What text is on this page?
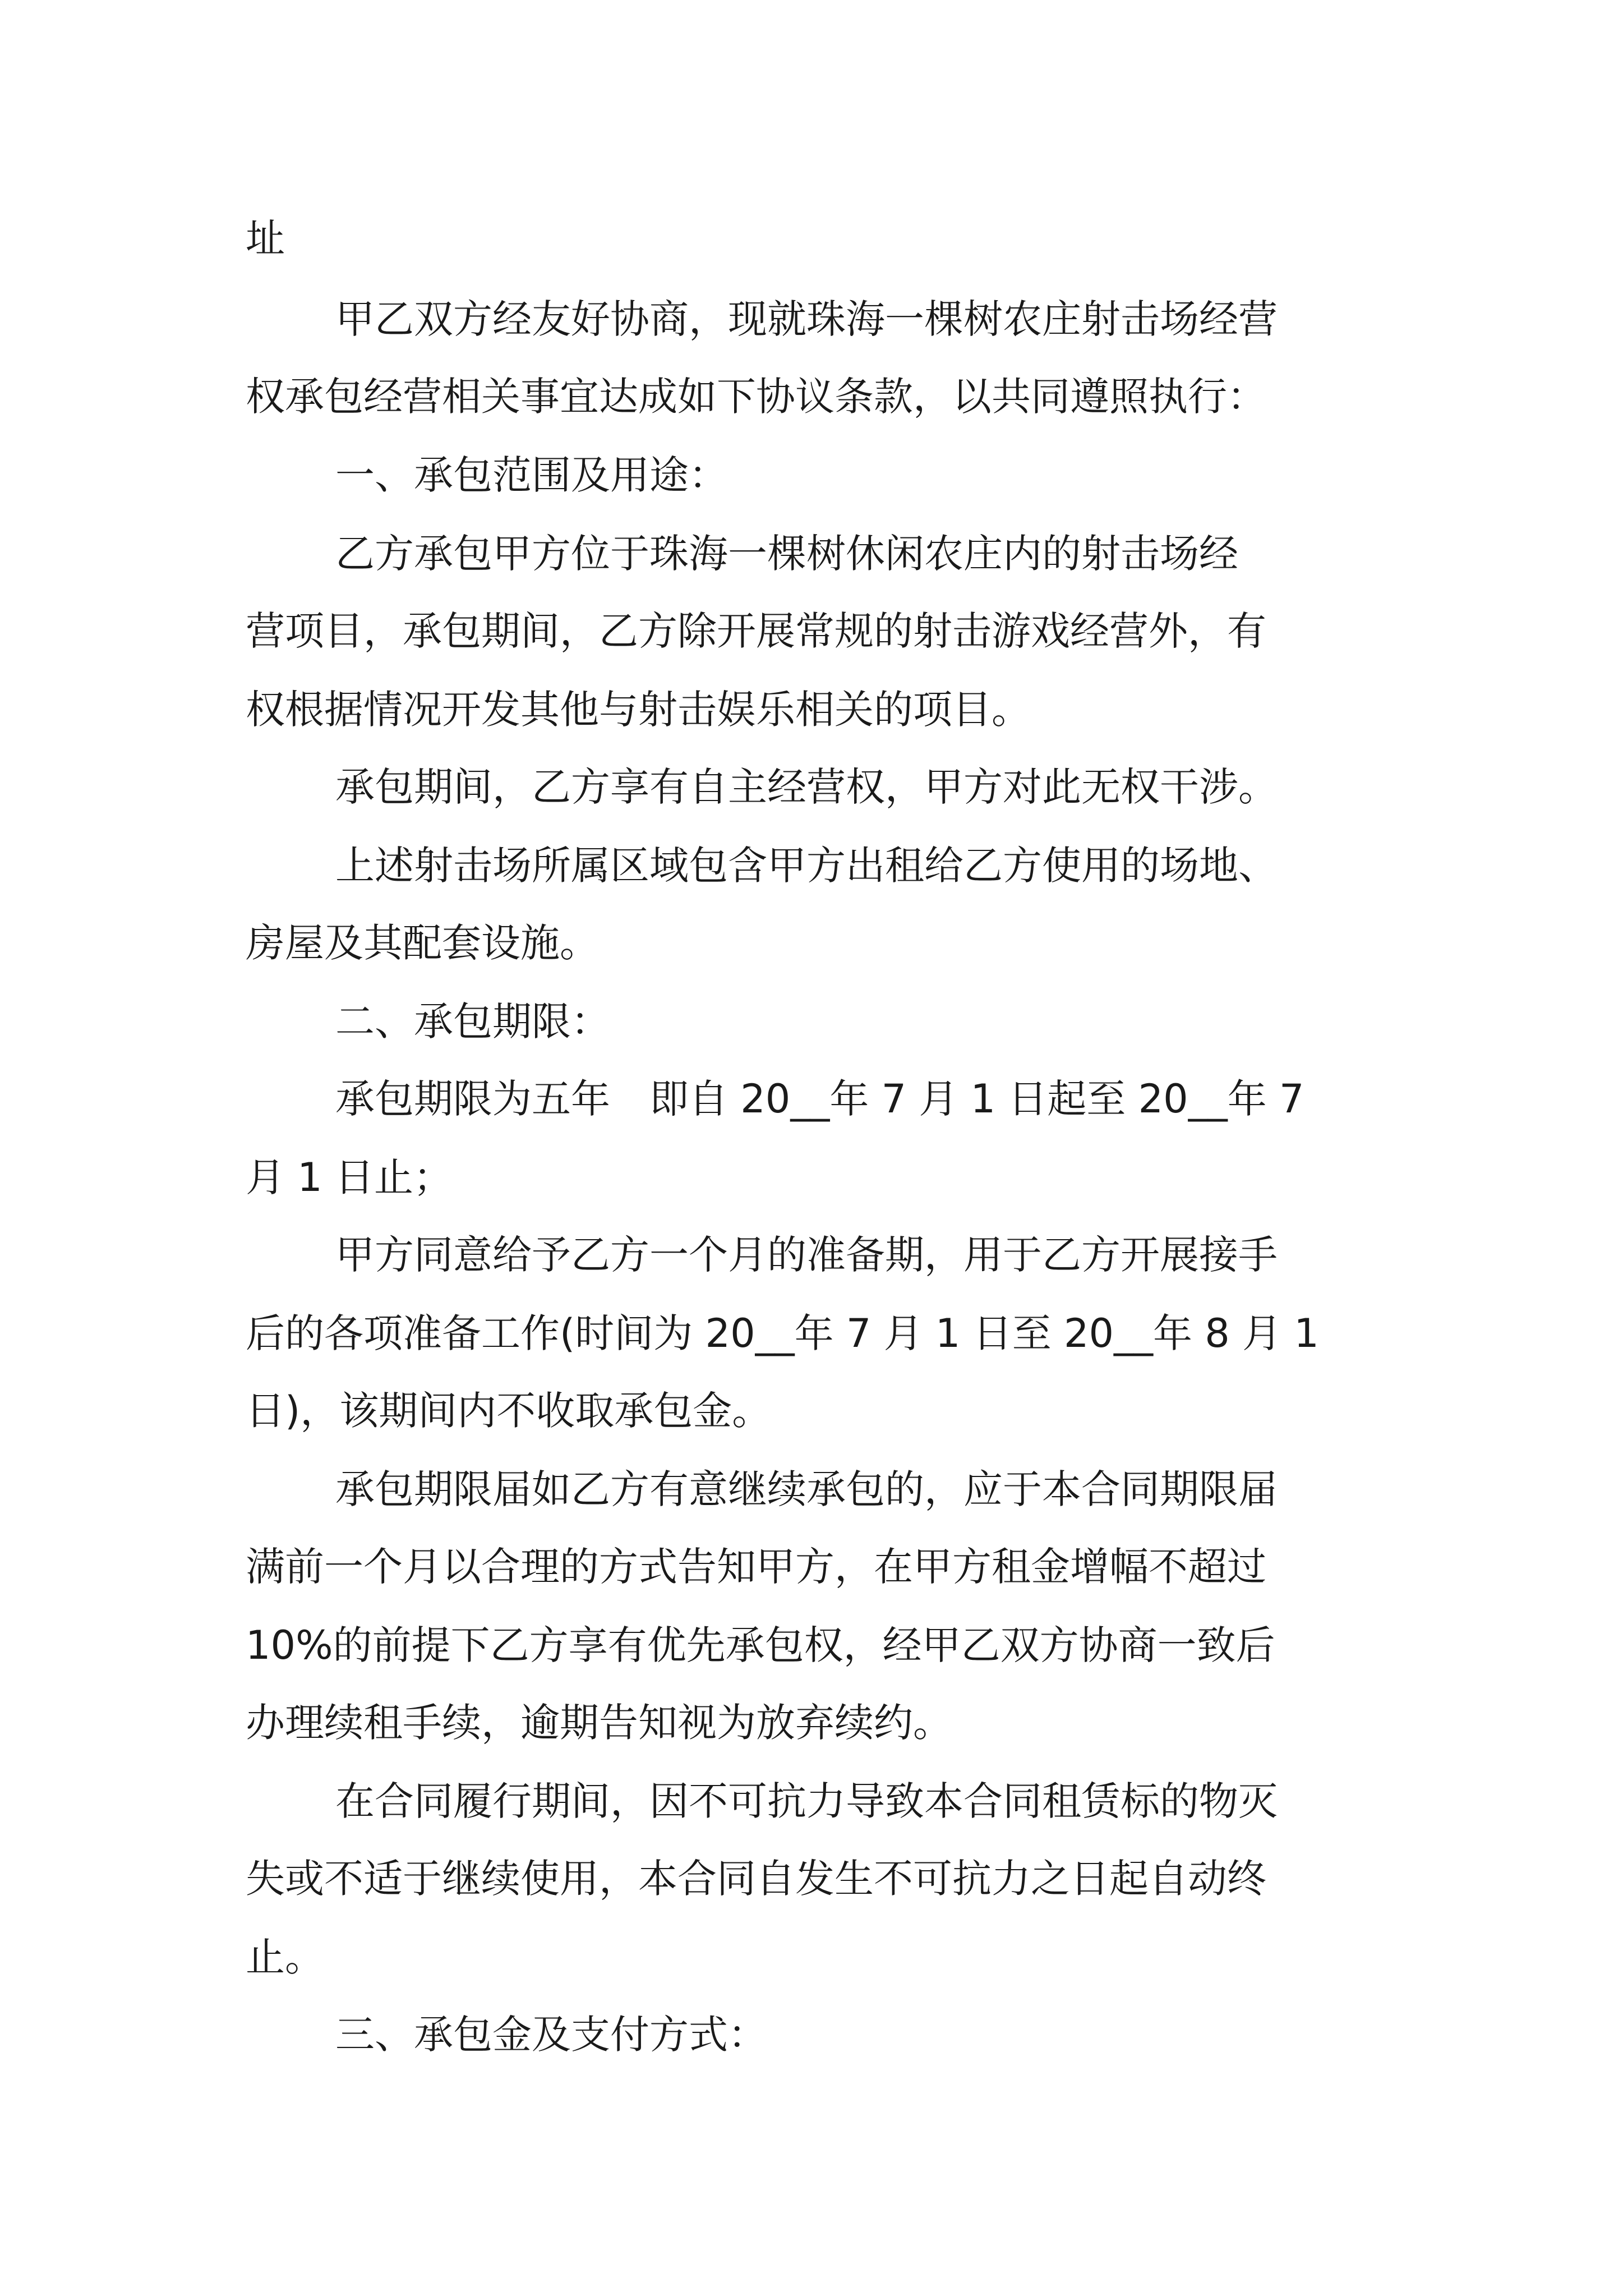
址
甲乙双方经友好协商，现就珠海一棵树农庄射击场经营
权承包经营相关事宜达成如下协议条款，以共同遵照执行：
一、承包范围及用途：
乙方承包甲方位于珠海一棵树休闲农庄内的射击场经
营项目，承包期间，乙方除开展常规的射击游戏经营外，有
权根据情况开发其他与射击娱乐相关的项目。
承包期间，乙方享有自主经营权，甲方对此无权干涉。
上述射击场所属区域包含甲方出租给乙方使用的场地、
房屋及其配套设施。
二、承包期限：
承包期限为五年　即自 20__年 7 月 1 日起至 20__年 7
月 1 日止；
甲方同意给予乙方一个月的准备期，用于乙方开展接手
后的各项准备工作(时间为 20__年 7 月 1 日至 20__年 8 月 1
日)，该期间内不收取承包金。
承包期限届如乙方有意继续承包的，应于本合同期限届
满前一个月以合理的方式告知甲方，在甲方租金增幅不超过
10%的前提下乙方享有优先承包权，经甲乙双方协商一致后
办理续租手续，逾期告知视为放弃续约。
在合同履行期间，因不可抗力导致本合同租赁标的物灭
失或不适于继续使用，本合同自发生不可抗力之日起自动终
止。
三、承包金及支付方式：
